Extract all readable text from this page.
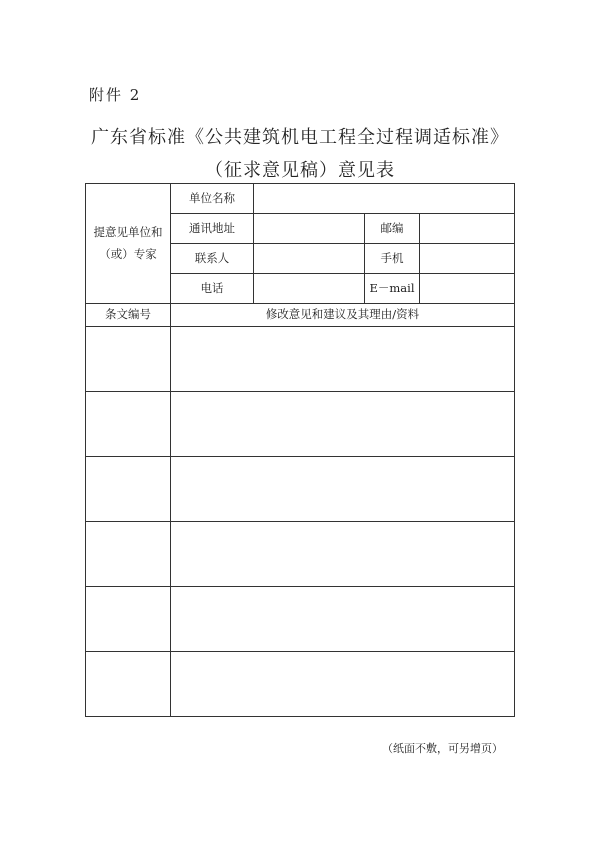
附件 2
广东省标准《公共建筑机电工程全过程调适标准》
（征求意见稿）意见表
提意见单位和
（或）专家	单位名称			
	通讯地址		邮编	
	联系人		手机	
	电话		E－mail	
条文编号	修改意见和建议及其理由/资料			

（纸面不敷，可另增页）
